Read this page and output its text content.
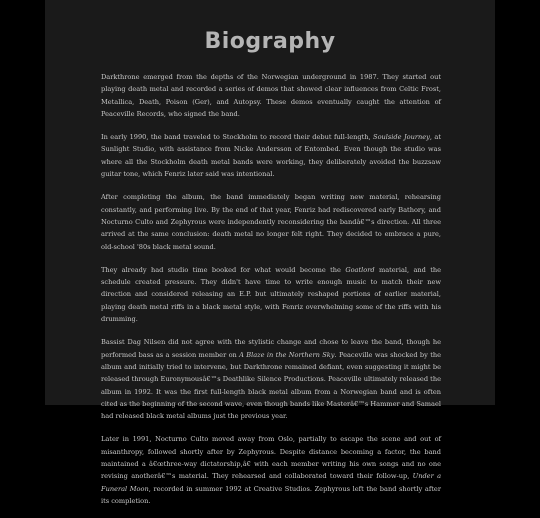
Biography

Darkthrone emerged from the depths of the Norwegian underground in 1987. They started out playing death metal and recorded a series of demos that showed clear influences from Celtic Frost, Metallica, Death, Poison (Ger), and Autopsy. These demos eventually caught the attention of Peaceville Records, who signed the band.

In early 1990, the band traveled to Stockholm to record their debut full-length, Soulside Journey, at Sunlight Studio, with assistance from Nicke Andersson of Entombed. Even though the studio was where all the Stockholm death metal bands were working, they deliberately avoided the buzzsaw guitar tone, which Fenriz later said was intentional.

After completing the album, the band immediately began writing new material, rehearsing constantly, and performing live. By the end of that year, Fenriz had rediscovered early Bathory, and Nocturno Culto and Zephyrous were independently reconsidering the bandâ€™s direction. All three arrived at the same conclusion: death metal no longer felt right. They decided to embrace a pure, old-school '80s black metal sound.

They already had studio time booked for what would become the Goatlord material, and the schedule created pressure. They didn't have time to write enough music to match their new direction and considered releasing an E.P. but ultimately reshaped portions of earlier material, playing death metal riffs in a black metal style, with Fenriz overwhelming some of the riffs with his drumming.

Bassist Dag Nilsen did not agree with the stylistic change and chose to leave the band, though he performed bass as a session member on A Blaze in the Northern Sky. Peaceville was shocked by the album and initially tried to intervene, but Darkthrone remained defiant, even suggesting it might be released through Euronymousâ€™s Deathlike Silence Productions. Peaceville ultimately released the album in 1992. It was the first full-length black metal album from a Norwegian band and is often cited as the beginning of the second wave, even though bands like Masterâ€™s Hammer and Samael had released black metal albums just the previous year.

Later in 1991, Nocturno Culto moved away from Oslo, partially to escape the scene and out of misanthropy, followed shortly after by Zephyrous. Despite distance becoming a factor, the band maintained a â€œthree-way dictatorship,â€ with each member writing his own songs and no one revising anotherâ€™s material. They rehearsed and collaborated toward their follow-up, Under a Funeral Moon, recorded in summer 1992 at Creative Studios. Zephyrous left the band shortly after its completion.
